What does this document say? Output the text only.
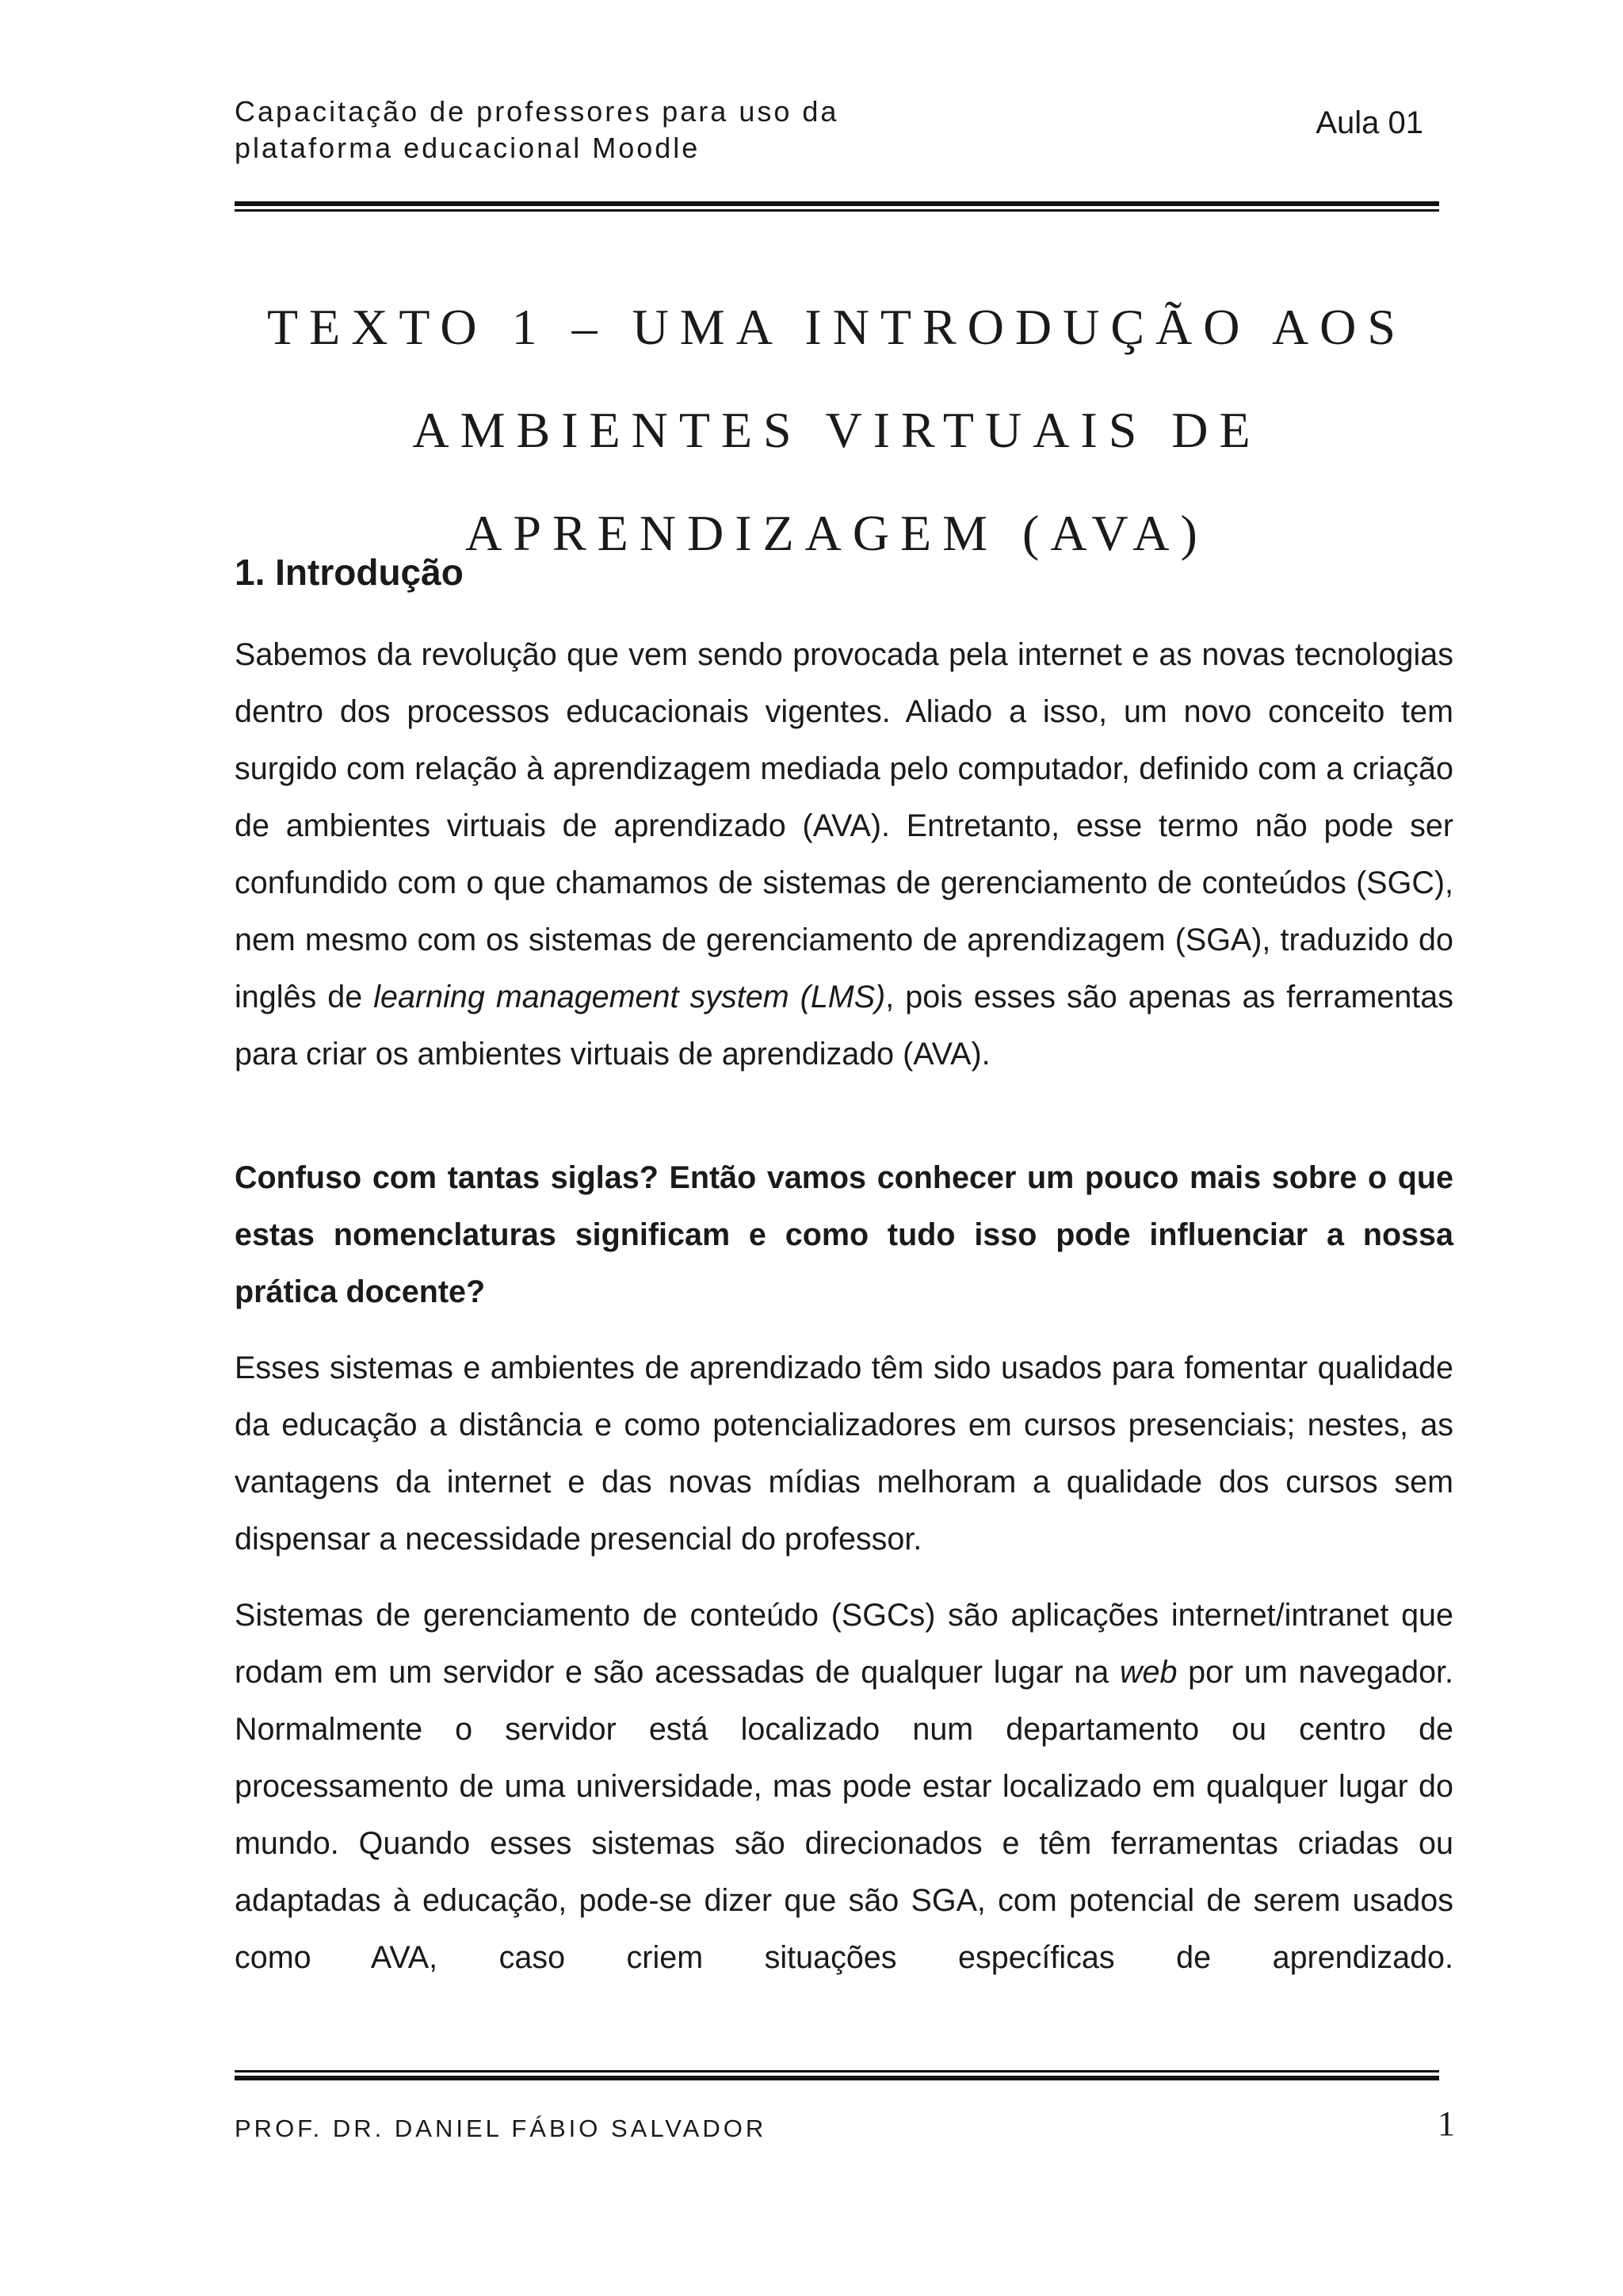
Capacitação de professores para uso da
plataforma educacional Moodle
Aula 01
TEXTO 1 – UMA INTRODUÇÃO AOS
AMBIENTES VIRTUAIS DE
APRENDIZAGEM (AVA)
1. Introdução

Sabemos da revolução que vem sendo provocada pela internet e as novas tecnologias dentro dos processos educacionais vigentes. Aliado a isso, um novo conceito tem surgido com relação à aprendizagem mediada pelo computador, definido com a criação de ambientes virtuais de aprendizado (AVA). Entretanto, esse termo não pode ser confundido com o que chamamos de sistemas de gerenciamento de conteúdos (SGC), nem mesmo com os sistemas de gerenciamento de aprendizagem (SGA), traduzido do inglês de learning management system (LMS), pois esses são apenas as ferramentas para criar os ambientes virtuais de aprendizado (AVA).

Confuso com tantas siglas? Então vamos conhecer um pouco mais sobre o que estas nomenclaturas significam e como tudo isso pode influenciar a nossa prática docente?

Esses sistemas e ambientes de aprendizado têm sido usados para fomentar qualidade da educação a distância e como potencializadores em cursos presenciais; nestes, as vantagens da internet e das novas mídias melhoram a qualidade dos cursos sem dispensar a necessidade presencial do professor.

Sistemas de gerenciamento de conteúdo (SGCs) são aplicações internet/intranet que rodam em um servidor e são acessadas de qualquer lugar na web por um navegador. Normalmente o servidor está localizado num departamento ou centro de processamento de uma universidade, mas pode estar localizado em qualquer lugar do mundo. Quando esses sistemas são direcionados e têm ferramentas criadas ou adaptadas à educação, pode-se dizer que são SGA, com potencial de serem usados como AVA, caso criem situações específicas de aprendizado.

PROF. DR. DANIEL FÁBIO SALVADOR	1
